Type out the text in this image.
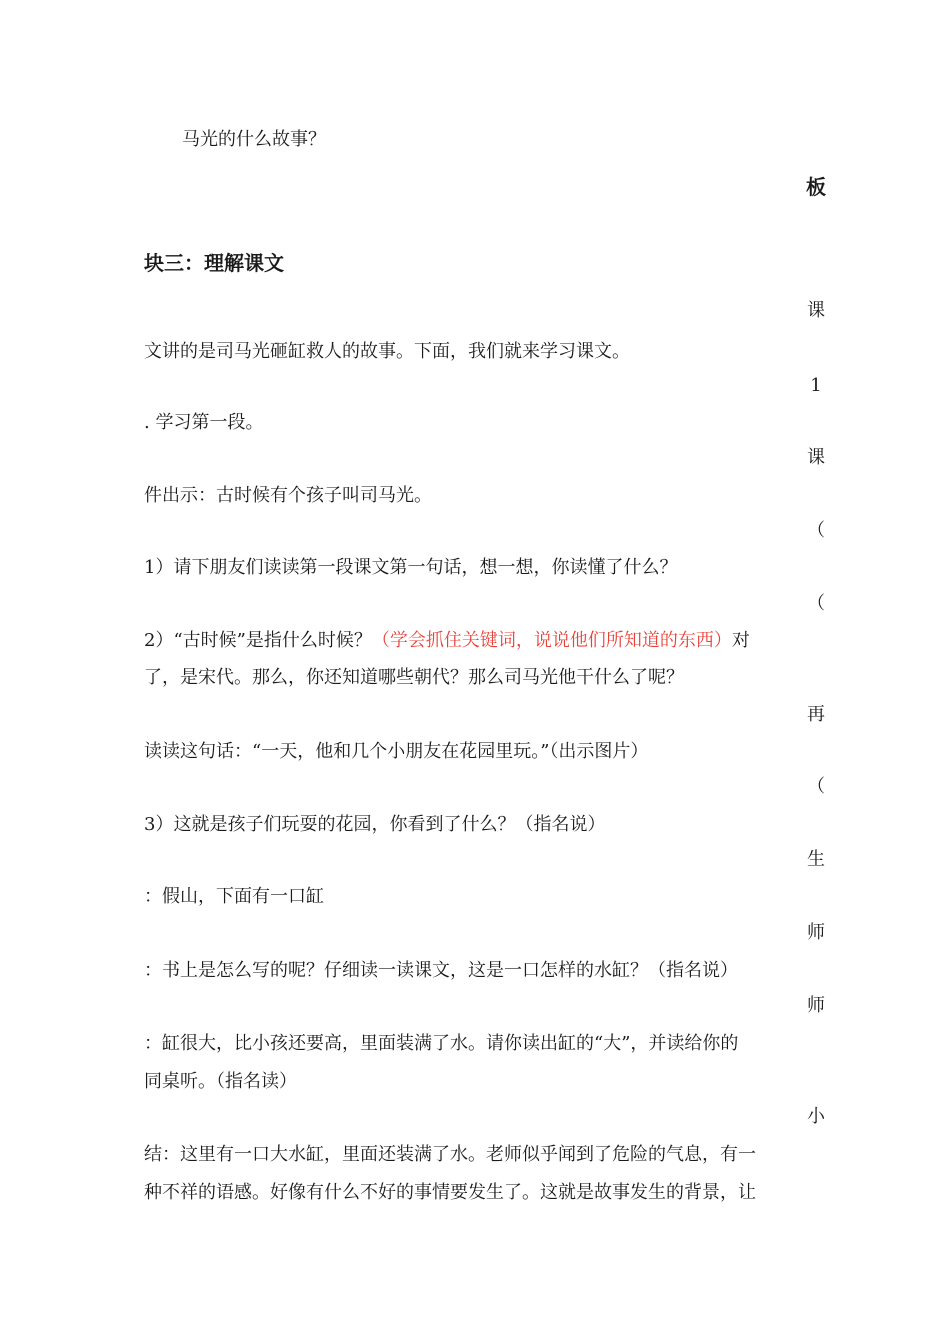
马光的什么故事？
块三：理解课文
文讲的是司马光砸缸救人的故事。下面，我们就来学习课文。
. 学习第一段。
件出示：古时候有个孩子叫司马光。
1）请下朋友们读读第一段课文第一句话，想一想，你读懂了什么？
2）“古时候”是指什么时候？（学会抓住关键词，说说他们所知道的东西）对
了，是宋代。那么，你还知道哪些朝代？那么司马光他干什么了呢？
读读这句话：“一天，他和几个小朋友在花园里玩。”（出示图片）
3）这就是孩子们玩耍的花园，你看到了什么？（指名说）
：假山，下面有一口缸
：书上是怎么写的呢？仔细读一读课文，这是一口怎样的水缸？（指名说）
：缸很大，比小孩还要高，里面装满了水。请你读出缸的“大”，并读给你的
同桌听。（指名读）
结：这里有一口大水缸，里面还装满了水。老师似乎闻到了危险的气息，有一
种不祥的语感。好像有什么不好的事情要发生了。这就是故事发生的背景，让
板
课
1
课
（
（
再
（
生
师
师
小
